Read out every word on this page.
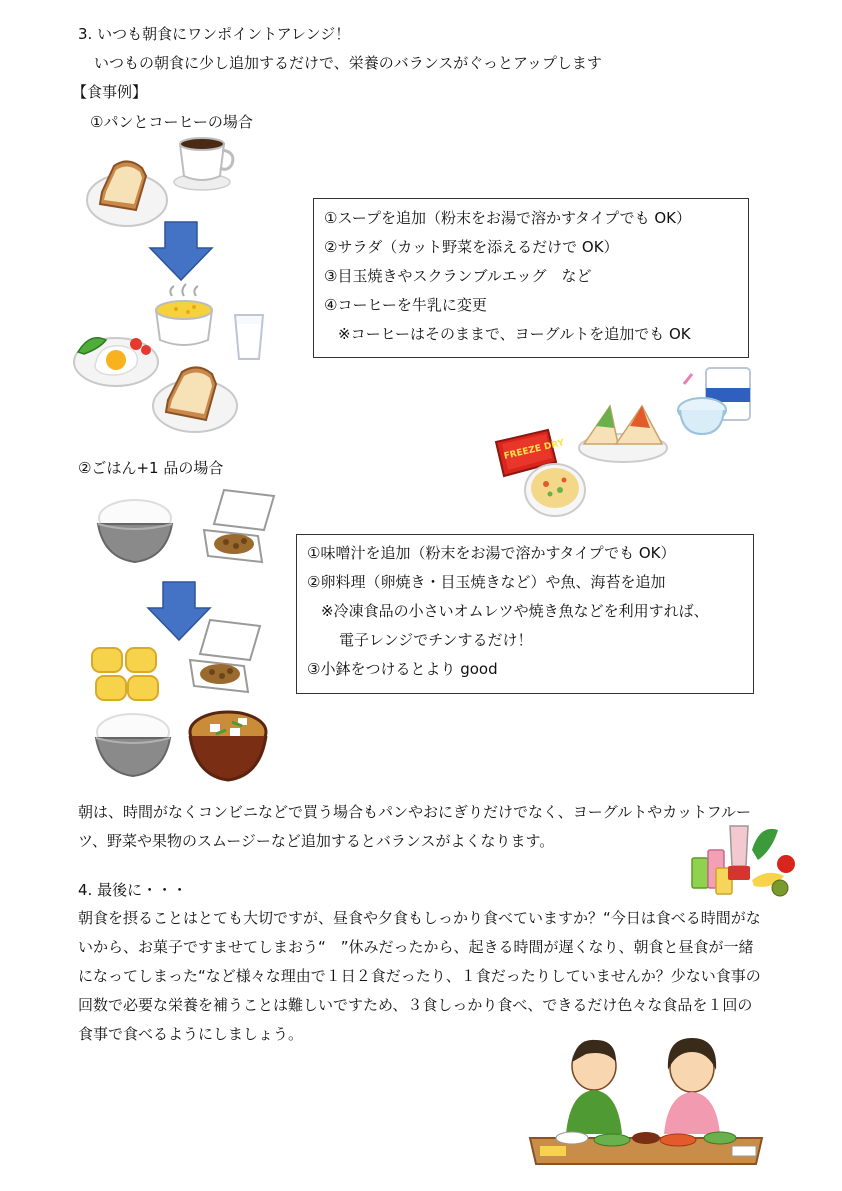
3. いつも朝食にワンポイントアレンジ！
いつもの朝食に少し追加するだけで、栄養のバランスがぐっとアップします
【食事例】
①パンとコーヒーの場合
①スープを追加（粉末をお湯で溶かすタイプでも OK）
②サラダ（カット野菜を添えるだけで OK）
③目玉焼きやスクランブルエッグ　など
④コーヒーを牛乳に変更
※コーヒーはそのままで、ヨーグルトを追加でも OK
FREEZE DRY
②ごはん+1 品の場合
①味噌汁を追加（粉末をお湯で溶かすタイプでも OK）
②卵料理（卵焼き・目玉焼きなど）や魚、海苔を追加
※冷凍食品の小さいオムレツや焼き魚などを利用すれば、
電子レンジでチンするだけ！
③小鉢をつけるとより good
朝は、時間がなくコンビニなどで買う場合もパンやおにぎりだけでなく、ヨーグルトやカットフルーツ、野菜や果物のスムージーなど追加するとバランスがよくなります。
4. 最後に・・・
朝食を摂ることはとても大切ですが、昼食や夕食もしっかり食べていますか？“今日は食べる時間がないから、お菓子ですませてしまおう“　”休みだったから、起きる時間が遅くなり、朝食と昼食が一緒になってしまった“など様々な理由で１日２食だったり、１食だったりしていませんか？少ない食事の回数で必要な栄養を補うことは難しいですため、３食しっかり食べ、できるだけ色々な食品を１回の食事で食べるようにしましょう。
